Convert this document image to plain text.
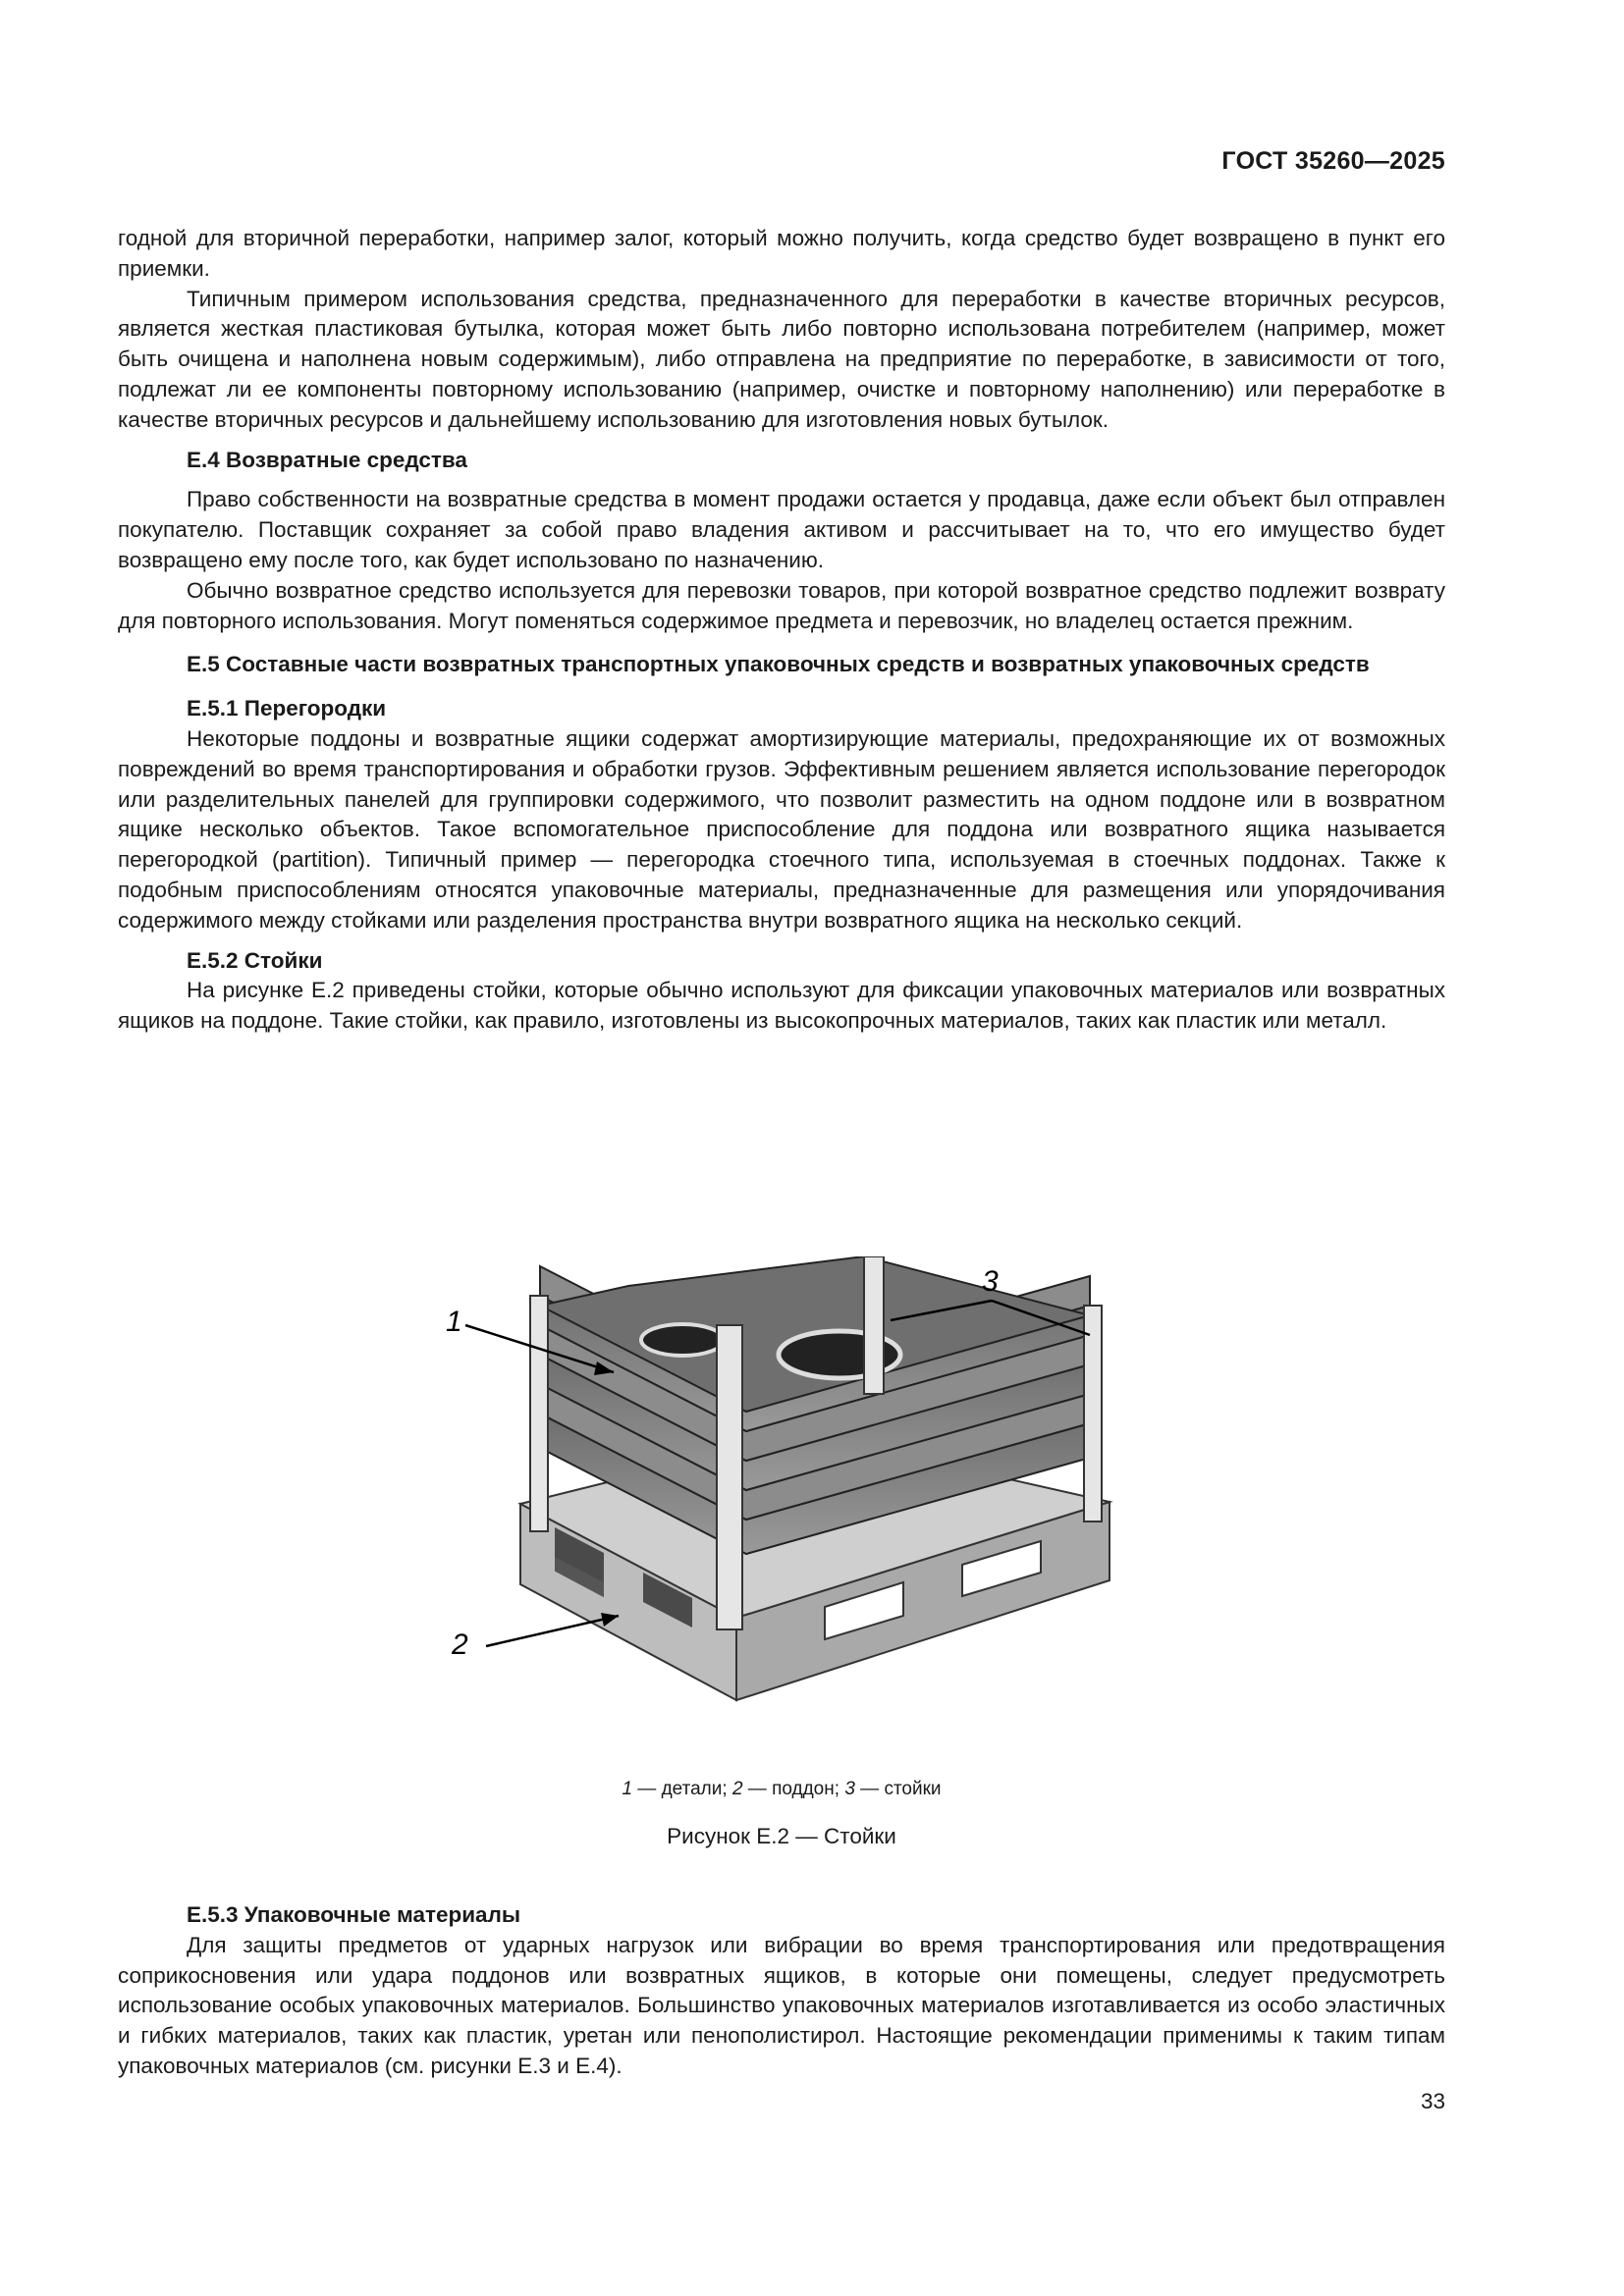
ГОСТ 35260—2025

годной для вторичной переработки, например залог, который можно получить, когда средство будет возвращено в пункт его приемки.

Типичным примером использования средства, предназначенного для переработки в качестве вторичных ресурсов, является жесткая пластиковая бутылка, которая может быть либо повторно использована потребителем (например, может быть очищена и наполнена новым содержимым), либо отправлена на предприятие по переработке, в зависимости от того, подлежат ли ее компоненты повторному использованию (например, очистке и повторному наполнению) или переработке в качестве вторичных ресурсов и дальнейшему использованию для изготовления новых бутылок.

Е.4 Возвратные средства

Право собственности на возвратные средства в момент продажи остается у продавца, даже если объект был отправлен покупателю. Поставщик сохраняет за собой право владения активом и рассчитывает на то, что его имущество будет возвращено ему после того, как будет использовано по назначению.

Обычно возвратное средство используется для перевозки товаров, при которой возвратное средство подлежит возврату для повторного использования. Могут поменяться содержимое предмета и перевозчик, но владелец остается прежним.

Е.5 Составные части возвратных транспортных упаковочных средств и возвратных упаковочных средств

Е.5.1 Перегородки

Некоторые поддоны и возвратные ящики содержат амортизирующие материалы, предохраняющие их от возможных повреждений во время транспортирования и обработки грузов. Эффективным решением является использование перегородок или разделительных панелей для группировки содержимого, что позволит разместить на одном поддоне или в возвратном ящике несколько объектов. Такое вспомогательное приспособление для поддона или возвратного ящика называется перегородкой (partition). Типичный пример — перегородка стоечного типа, используемая в стоечных поддонах. Также к подобным приспособлениям относятся упаковочные материалы, предназначенные для размещения или упорядочивания содержимого между стойками или разделения пространства внутри возвратного ящика на несколько секций.

Е.5.2 Стойки

На рисунке Е.2 приведены стойки, которые обычно используют для фиксации упаковочных материалов или возвратных ящиков на поддоне. Такие стойки, как правило, изготовлены из высокопрочных материалов, таких как пластик или металл.

1
2
3
1 — детали; 2 — поддон; 3 — стойки
Рисунок Е.2 — Стойки

Е.5.3 Упаковочные материалы

Для защиты предметов от ударных нагрузок или вибрации во время транспортирования или предотвращения соприкосновения или удара поддонов или возвратных ящиков, в которые они помещены, следует предусмотреть использование особых упаковочных материалов. Большинство упаковочных материалов изготавливается из особо эластичных и гибких материалов, таких как пластик, уретан или пенополистирол. Настоящие рекомендации применимы к таким типам упаковочных материалов (см. рисунки Е.3 и Е.4).

33
